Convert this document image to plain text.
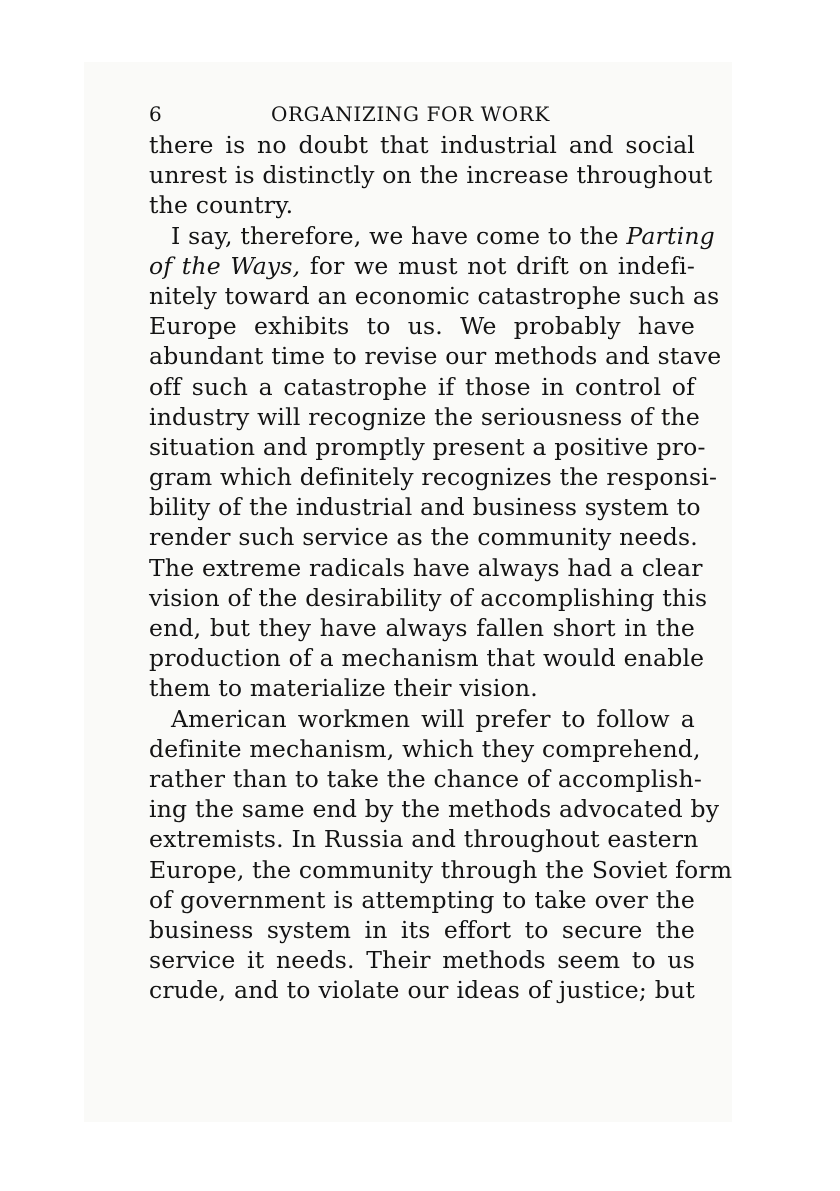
6	ORGANIZING FOR WORK
there is no doubt that industrial and social
unrest is distinctly on the increase throughout
the country.
I say, therefore, we have come to the Parting
of the Ways, for we must not drift on indefi-
nitely toward an economic catastrophe such as
Europe exhibits to us. We probably have
abundant time to revise our methods and stave
off such a catastrophe if those in control of
industry will recognize the seriousness of the
situation and promptly present a positive pro-
gram which definitely recognizes the responsi-
bility of the industrial and business system to
render such service as the community needs.
The extreme radicals have always had a clear
vision of the desirability of accomplishing this
end, but they have always fallen short in the
production of a mechanism that would enable
them to materialize their vision.
American workmen will prefer to follow a
definite mechanism, which they comprehend,
rather than to take the chance of accomplish-
ing the same end by the methods advocated by
extremists. In Russia and throughout eastern
Europe, the community through the Soviet form
of government is attempting to take over the
business system in its effort to secure the
service it needs. Their methods seem to us
crude, and to violate our ideas of justice; but
